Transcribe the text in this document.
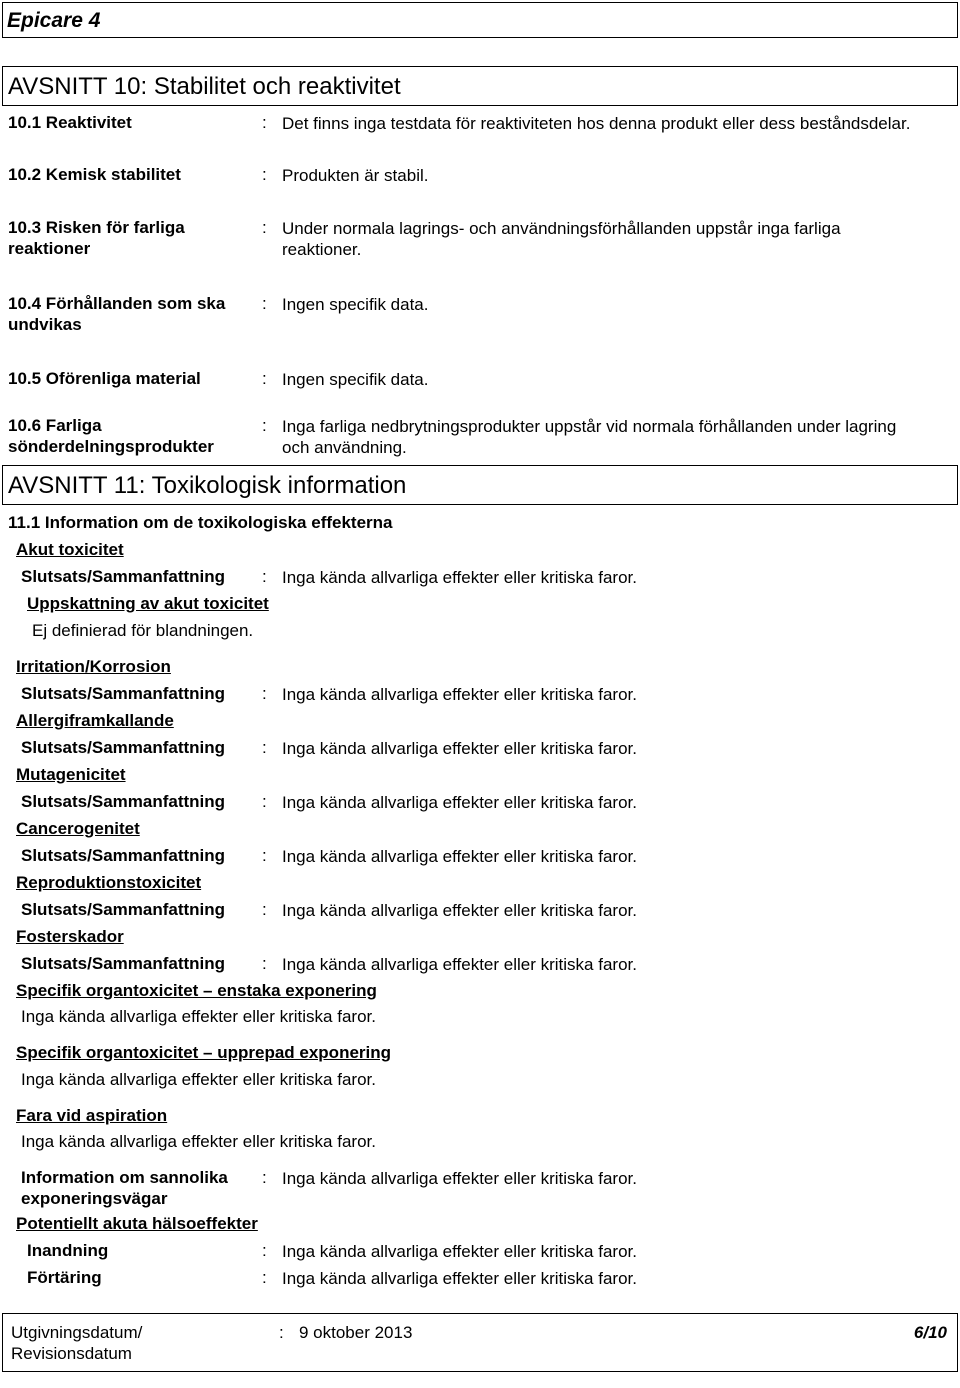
Epicare 4
AVSNITT 10: Stabilitet och reaktivitet
10.1 Reaktivitet	: Det finns inga testdata för reaktiviteten hos denna produkt eller dess beståndsdelar.
10.2 Kemisk stabilitet	: Produkten är stabil.
10.3 Risken för farliga
reaktioner
: Under normala lagrings- och användningsförhållanden uppstår inga farliga
reaktioner.
10.4 Förhållanden som ska
undvikas
: Ingen specifik data.
10.5 Oförenliga material	: Ingen specifik data.
10.6 Farliga
sönderdelningsprodukter
: Inga farliga nedbrytningsprodukter uppstår vid normala förhållanden under lagring
och användning.
AVSNITT 11: Toxikologisk information
11.1 Information om de toxikologiska effekterna
Akut toxicitet
Slutsats/Sammanfattning : Inga kända allvarliga effekter eller kritiska faror.
Uppskattning av akut toxicitet
Ej definierad för blandningen.
Irritation/Korrosion
Slutsats/Sammanfattning : Inga kända allvarliga effekter eller kritiska faror.
Allergiframkallande
Slutsats/Sammanfattning : Inga kända allvarliga effekter eller kritiska faror.
Mutagenicitet
Slutsats/Sammanfattning : Inga kända allvarliga effekter eller kritiska faror.
Cancerogenitet
Slutsats/Sammanfattning : Inga kända allvarliga effekter eller kritiska faror.
Reproduktionstoxicitet
Slutsats/Sammanfattning : Inga kända allvarliga effekter eller kritiska faror.
Fosterskador
Slutsats/Sammanfattning : Inga kända allvarliga effekter eller kritiska faror.
Specifik organtoxicitet – enstaka exponering
Inga kända allvarliga effekter eller kritiska faror.
Specifik organtoxicitet – upprepad exponering
Inga kända allvarliga effekter eller kritiska faror.
Fara vid aspiration
Inga kända allvarliga effekter eller kritiska faror.
Information om sannolika
exponeringsvägar
: Inga kända allvarliga effekter eller kritiska faror.
Potentiellt akuta hälsoeffekter
Inandning	: Inga kända allvarliga effekter eller kritiska faror.
Förtäring	: Inga kända allvarliga effekter eller kritiska faror.
Utgivningsdatum/
Revisionsdatum
: 9 oktober 2013	6/10
